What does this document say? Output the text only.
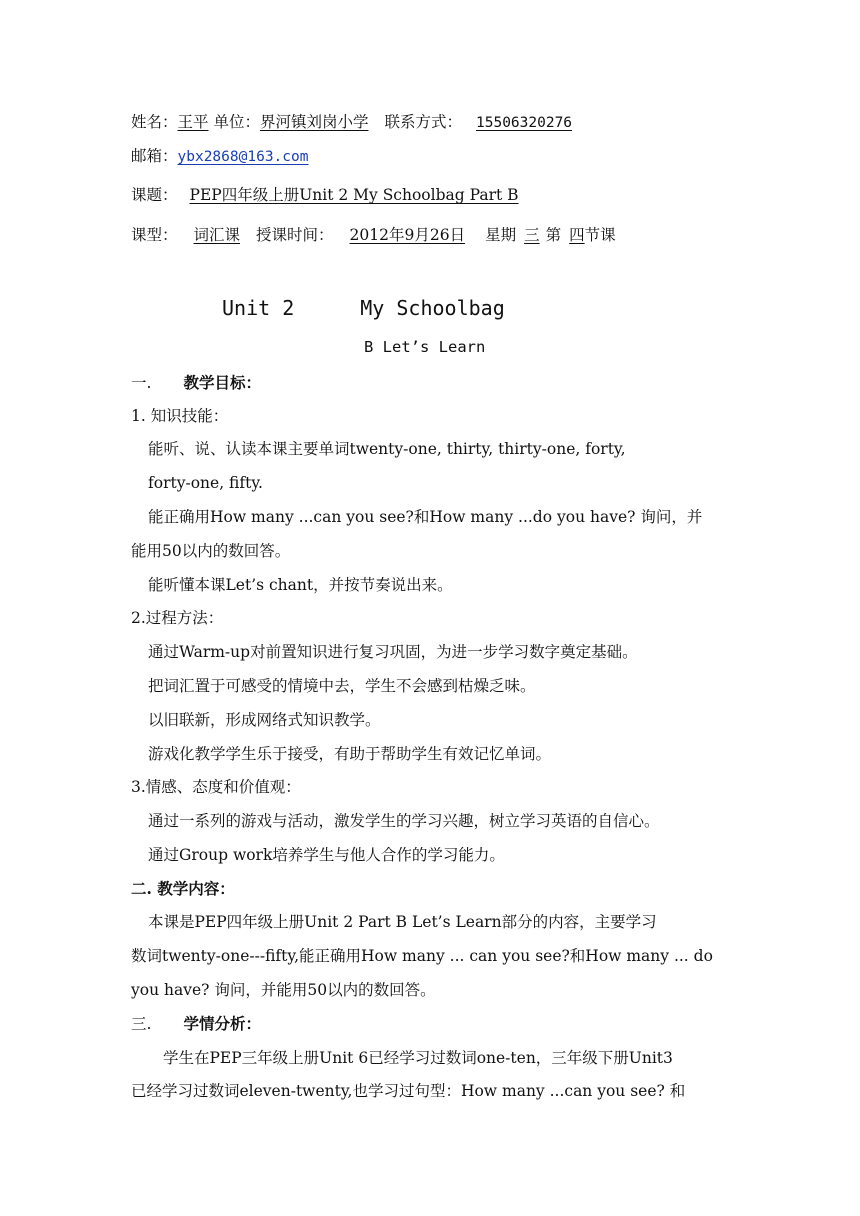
姓名：王平 单位：界河镇刘岗小学 联系方式： 15506320276
邮箱：ybx2868@163.com
课题： PEP四年级上册Unit 2 My Schoolbag Part B
课型： 词汇课 授课时间： 2012年9月26日 星期 三 第 四节课
Unit 2	My Schoolbag
B Let’s Learn
一. 教学目标：
1. 知识技能：
能听、说、认读本课主要单词twenty-one, thirty, thirty-one, forty,
forty-one, fifty.
能正确用How many ...can you see?和How many ...do you have? 询问，并
能用50以内的数回答。
能听懂本课Let’s chant，并按节奏说出来。
2.过程方法：
通过Warm-up对前置知识进行复习巩固，为进一步学习数字奠定基础。
把词汇置于可感受的情境中去，学生不会感到枯燥乏味。
以旧联新，形成网络式知识教学。
游戏化教学学生乐于接受，有助于帮助学生有效记忆单词。
3.情感、态度和价值观：
通过一系列的游戏与活动，激发学生的学习兴趣，树立学习英语的自信心。
通过Group work培养学生与他人合作的学习能力。
二. 教学内容：
本课是PEP四年级上册Unit 2 Part B Let’s Learn部分的内容，主要学习
数词twenty-one---fifty,能正确用How many ... can you see?和How many ... do
you have? 询问，并能用50以内的数回答。
三. 学情分析：
学生在PEP三年级上册Unit 6已经学习过数词one-ten，三年级下册Unit3
已经学习过数词eleven-twenty,也学习过句型：How many ...can you see? 和
